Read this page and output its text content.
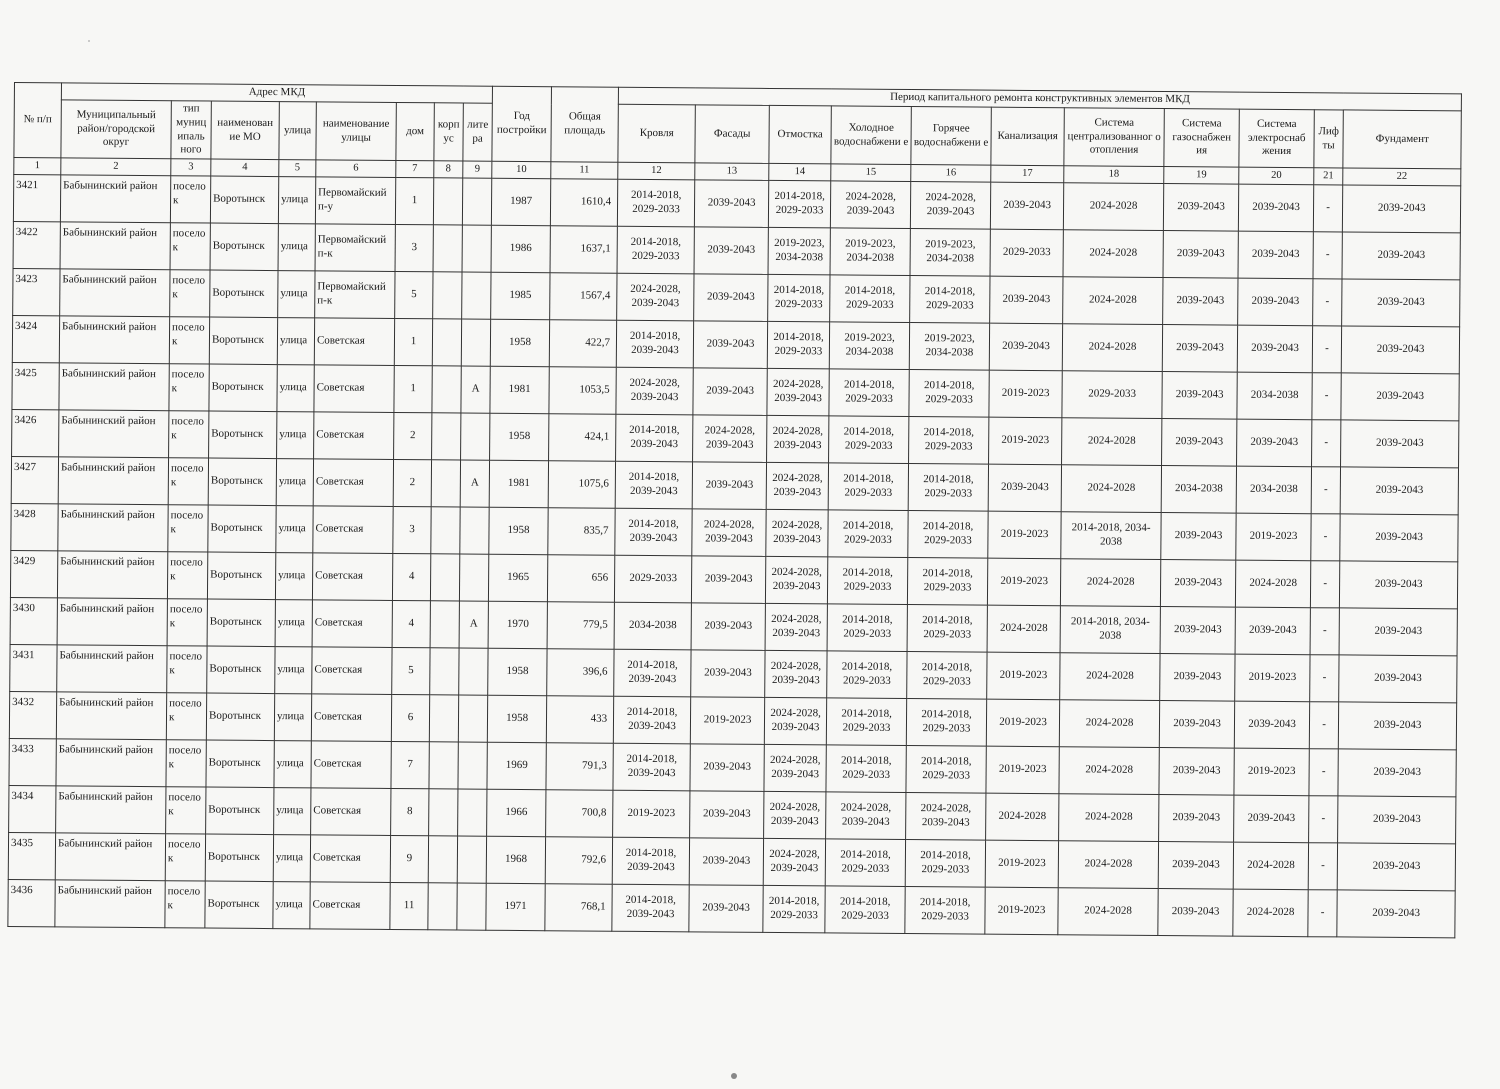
№ п/п	Адрес МКД								Год постройки	Общая площадь	Период капитального ремонта конструктивных элементов МКД										
	Муниципальный район/городской округ	тип муниц ипаль ного	наименован ие МО	улица	наименование улицы	дом	корп ус	лите ра			Кровля	Фасады	Отмостка	Холодное водоснабжени е	Горячее водоснабжени е	Канализация	Система централизованног о отопления	Система газоснабжен ия	Система электроснаб жения	Лиф ты	Фундамент
1	2	3	4	5	6	7	8	9	10	11	12	13	14	15	16	17	18	19	20	21	22
3421	Бабынинский район	посело к	Воротынск	улица	Первомайский п-у	1			1987	1610,4	2014-2018, 2029-2033	2039-2043	2014-2018, 2029-2033	2024-2028, 2039-2043	2024-2028, 2039-2043	2039-2043	2024-2028	2039-2043	2039-2043	-	2039-2043
3422	Бабынинский район	посело к	Воротынск	улица	Первомайский п-к	3			1986	1637,1	2014-2018, 2029-2033	2039-2043	2019-2023, 2034-2038	2019-2023, 2034-2038	2019-2023, 2034-2038	2029-2033	2024-2028	2039-2043	2039-2043	-	2039-2043
3423	Бабынинский район	посело к	Воротынск	улица	Первомайский п-к	5			1985	1567,4	2024-2028, 2039-2043	2039-2043	2014-2018, 2029-2033	2014-2018, 2029-2033	2014-2018, 2029-2033	2039-2043	2024-2028	2039-2043	2039-2043	-	2039-2043
3424	Бабынинский район	посело к	Воротынск	улица	Советская	1			1958	422,7	2014-2018, 2039-2043	2039-2043	2014-2018, 2029-2033	2019-2023, 2034-2038	2019-2023, 2034-2038	2039-2043	2024-2028	2039-2043	2039-2043	-	2039-2043
3425	Бабынинский район	посело к	Воротынск	улица	Советская	1		А	1981	1053,5	2024-2028, 2039-2043	2039-2043	2024-2028, 2039-2043	2014-2018, 2029-2033	2014-2018, 2029-2033	2019-2023	2029-2033	2039-2043	2034-2038	-	2039-2043
3426	Бабынинский район	посело к	Воротынск	улица	Советская	2			1958	424,1	2014-2018, 2039-2043	2024-2028, 2039-2043	2024-2028, 2039-2043	2014-2018, 2029-2033	2014-2018, 2029-2033	2019-2023	2024-2028	2039-2043	2039-2043	-	2039-2043
3427	Бабынинский район	посело к	Воротынск	улица	Советская	2		А	1981	1075,6	2014-2018, 2039-2043	2039-2043	2024-2028, 2039-2043	2014-2018, 2029-2033	2014-2018, 2029-2033	2039-2043	2024-2028	2034-2038	2034-2038	-	2039-2043
3428	Бабынинский район	посело к	Воротынск	улица	Советская	3			1958	835,7	2014-2018, 2039-2043	2024-2028, 2039-2043	2024-2028, 2039-2043	2014-2018, 2029-2033	2014-2018, 2029-2033	2019-2023	2014-2018, 2034-2038	2039-2043	2019-2023	-	2039-2043
3429	Бабынинский район	посело к	Воротынск	улица	Советская	4			1965	656	2029-2033	2039-2043	2024-2028, 2039-2043	2014-2018, 2029-2033	2014-2018, 2029-2033	2019-2023	2024-2028	2039-2043	2024-2028	-	2039-2043
3430	Бабынинский район	посело к	Воротынск	улица	Советская	4		А	1970	779,5	2034-2038	2039-2043	2024-2028, 2039-2043	2014-2018, 2029-2033	2014-2018, 2029-2033	2024-2028	2014-2018, 2034-2038	2039-2043	2039-2043	-	2039-2043
3431	Бабынинский район	посело к	Воротынск	улица	Советская	5			1958	396,6	2014-2018, 2039-2043	2039-2043	2024-2028, 2039-2043	2014-2018, 2029-2033	2014-2018, 2029-2033	2019-2023	2024-2028	2039-2043	2019-2023	-	2039-2043
3432	Бабынинский район	посело к	Воротынск	улица	Советская	6			1958	433	2014-2018, 2039-2043	2019-2023	2024-2028, 2039-2043	2014-2018, 2029-2033	2014-2018, 2029-2033	2019-2023	2024-2028	2039-2043	2039-2043	-	2039-2043
3433	Бабынинский район	посело к	Воротынск	улица	Советская	7			1969	791,3	2014-2018, 2039-2043	2039-2043	2024-2028, 2039-2043	2014-2018, 2029-2033	2014-2018, 2029-2033	2019-2023	2024-2028	2039-2043	2019-2023	-	2039-2043
3434	Бабынинский район	посело к	Воротынск	улица	Советская	8			1966	700,8	2019-2023	2039-2043	2024-2028, 2039-2043	2024-2028, 2039-2043	2024-2028, 2039-2043	2024-2028	2024-2028	2039-2043	2039-2043	-	2039-2043
3435	Бабынинский район	посело к	Воротынск	улица	Советская	9			1968	792,6	2014-2018, 2039-2043	2039-2043	2024-2028, 2039-2043	2014-2018, 2029-2033	2014-2018, 2029-2033	2019-2023	2024-2028	2039-2043	2024-2028	-	2039-2043
3436	Бабынинский район	посело к	Воротынск	улица	Советская	11			1971	768,1	2014-2018, 2039-2043	2039-2043	2014-2018, 2029-2033	2014-2018, 2029-2033	2014-2018, 2029-2033	2019-2023	2024-2028	2039-2043	2024-2028	-	2039-2043
